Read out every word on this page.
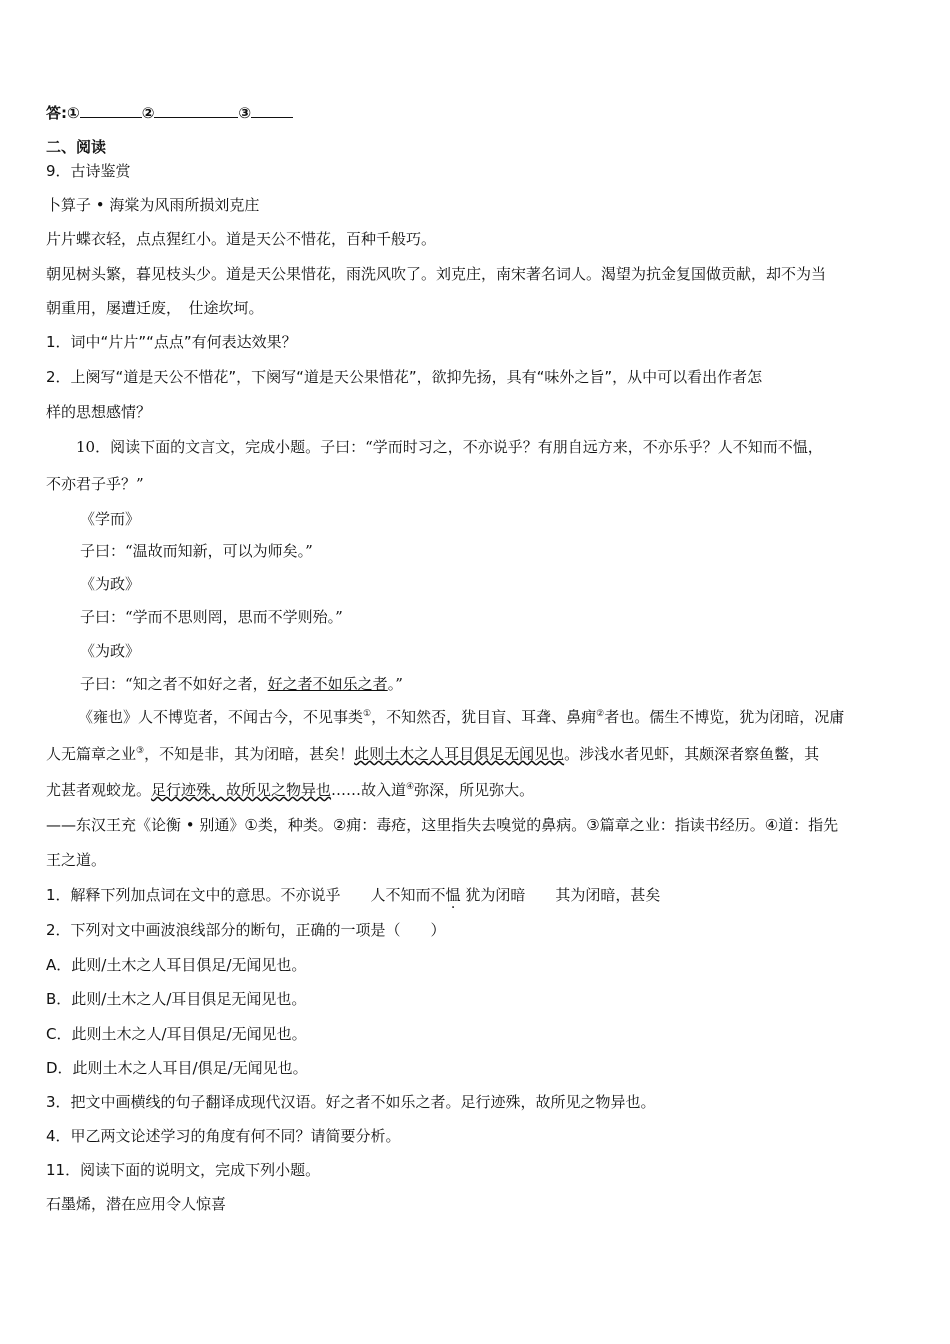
答:①	②	③
二、阅读
9．古诗鉴赏
卜算子 • 海棠为风雨所损刘克庄
片片蝶衣轻，点点猩红小。道是天公不惜花，百种千般巧。
朝见树头繁，暮见枝头少。道是天公果惜花，雨洗风吹了。刘克庄，南宋著名词人。渴望为抗金复国做贡献，却不为当
朝重用，屡遭迁废，　仕途坎坷。
1．词中“片片”“点点”有何表达效果？
2．上阕写“道是天公不惜花”，下阕写“道是天公果惜花”，欲抑先扬，具有“味外之旨”，从中可以看出作者怎
样的思想感情？
10．阅读下面的文言文，完成小题。子曰：“学而时习之，不亦说乎？有朋自远方来，不亦乐乎？人不知而不愠，
不亦君子乎？”
《学而》
子曰：“温故而知新，可以为师矣。”
《为政》
子曰：“学而不思则罔，思而不学则殆。”
《为政》
子曰：“知之者不如好之者，好之者不如乐之者。”
《雍也》人不博览者，不闻古今，不见事类①，不知然否，犹目盲、耳聋、鼻痈②者也。儒生不博览，犹为闭暗，况庸
人无篇章之业③，不知是非，其为闭暗，甚矣！此则土木之人耳目俱足无闻见也。涉浅水者见虾，其颇深者察鱼鳖，其
尤甚者观蛟龙。足行迹殊，故所见之物异也……故入道④弥深，所见弥大。
——东汉王充《论衡 • 别通》①类，种类。②痈：毒疮，这里指失去嗅觉的鼻病。③篇章之业：指读书经历。④道：指先
王之道。
1．解释下列加点词在文中的意思。不亦说乎　　人不知而不愠 犹为闭暗　　其为闭暗，甚矣
2．下列对文中画波浪线部分的断句，正确的一项是（　　）
A．此则/土木之人耳目俱足/无闻见也。
B．此则/土木之人/耳目俱足无闻见也。
C．此则土木之人/耳目俱足/无闻见也。
D．此则土木之人耳目/俱足/无闻见也。
3．把文中画横线的句子翻译成现代汉语。好之者不如乐之者。足行迹殊，故所见之物异也。
4．甲乙两文论述学习的角度有何不同？请简要分析。
11．阅读下面的说明文，完成下列小题。
石墨烯，潜在应用令人惊喜
